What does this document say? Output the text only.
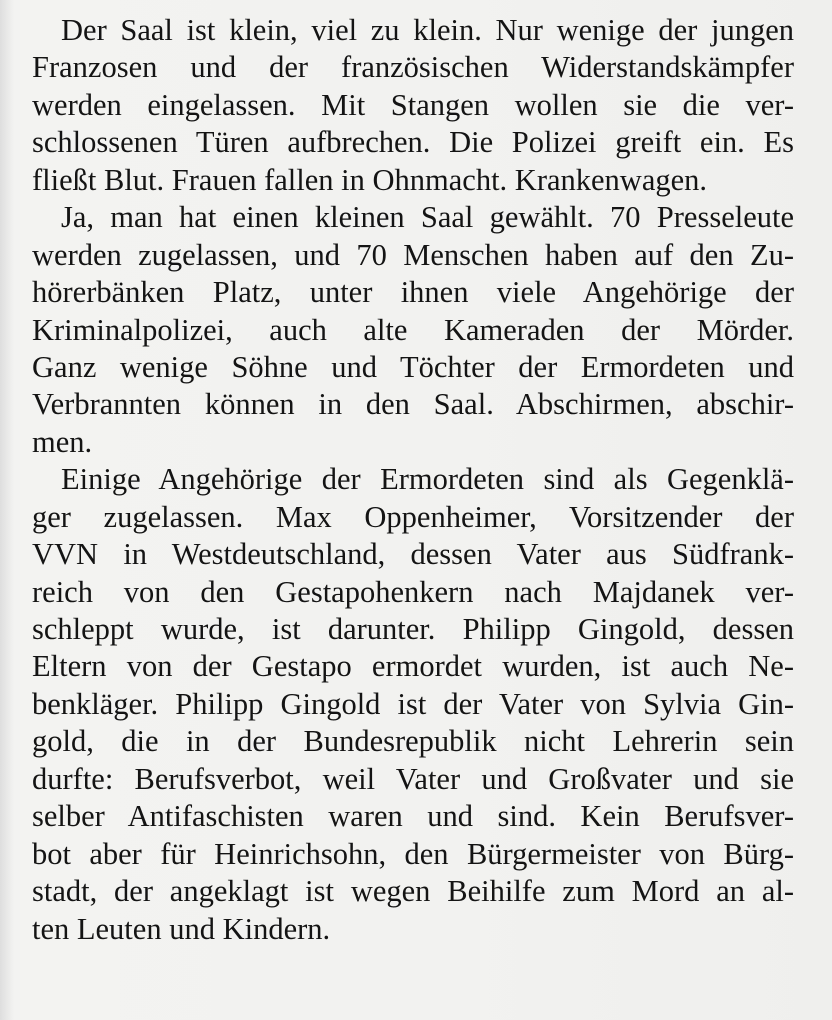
Der Saal ist klein, viel zu klein. Nur wenige der jungen
Franzosen und der französischen Widerstandskämpfer
werden eingelassen. Mit Stangen wollen sie die ver-
schlossenen Türen aufbrechen. Die Polizei greift ein. Es
fließt Blut. Frauen fallen in Ohnmacht. Krankenwagen.

Ja, man hat einen kleinen Saal gewählt. 70 Presseleute
werden zugelassen, und 70 Menschen haben auf den Zu-
hörerbänken Platz, unter ihnen viele Angehörige der
Kriminalpolizei, auch alte Kameraden der Mörder.
Ganz wenige Söhne und Töchter der Ermordeten und
Verbrannten können in den Saal. Abschirmen, abschir-
men.

Einige Angehörige der Ermordeten sind als Gegenklä-
ger zugelassen. Max Oppenheimer, Vorsitzender der
VVN in Westdeutschland, dessen Vater aus Südfrank-
reich von den Gestapohenkern nach Majdanek ver-
schleppt wurde, ist darunter. Philipp Gingold, dessen
Eltern von der Gestapo ermordet wurden, ist auch Ne-
benkläger. Philipp Gingold ist der Vater von Sylvia Gin-
gold, die in der Bundesrepublik nicht Lehrerin sein
durfte: Berufsverbot, weil Vater und Großvater und sie
selber Antifaschisten waren und sind. Kein Berufsver-
bot aber für Heinrichsohn, den Bürgermeister von Bürg-
stadt, der angeklagt ist wegen Beihilfe zum Mord an al-
ten Leuten und Kindern.
